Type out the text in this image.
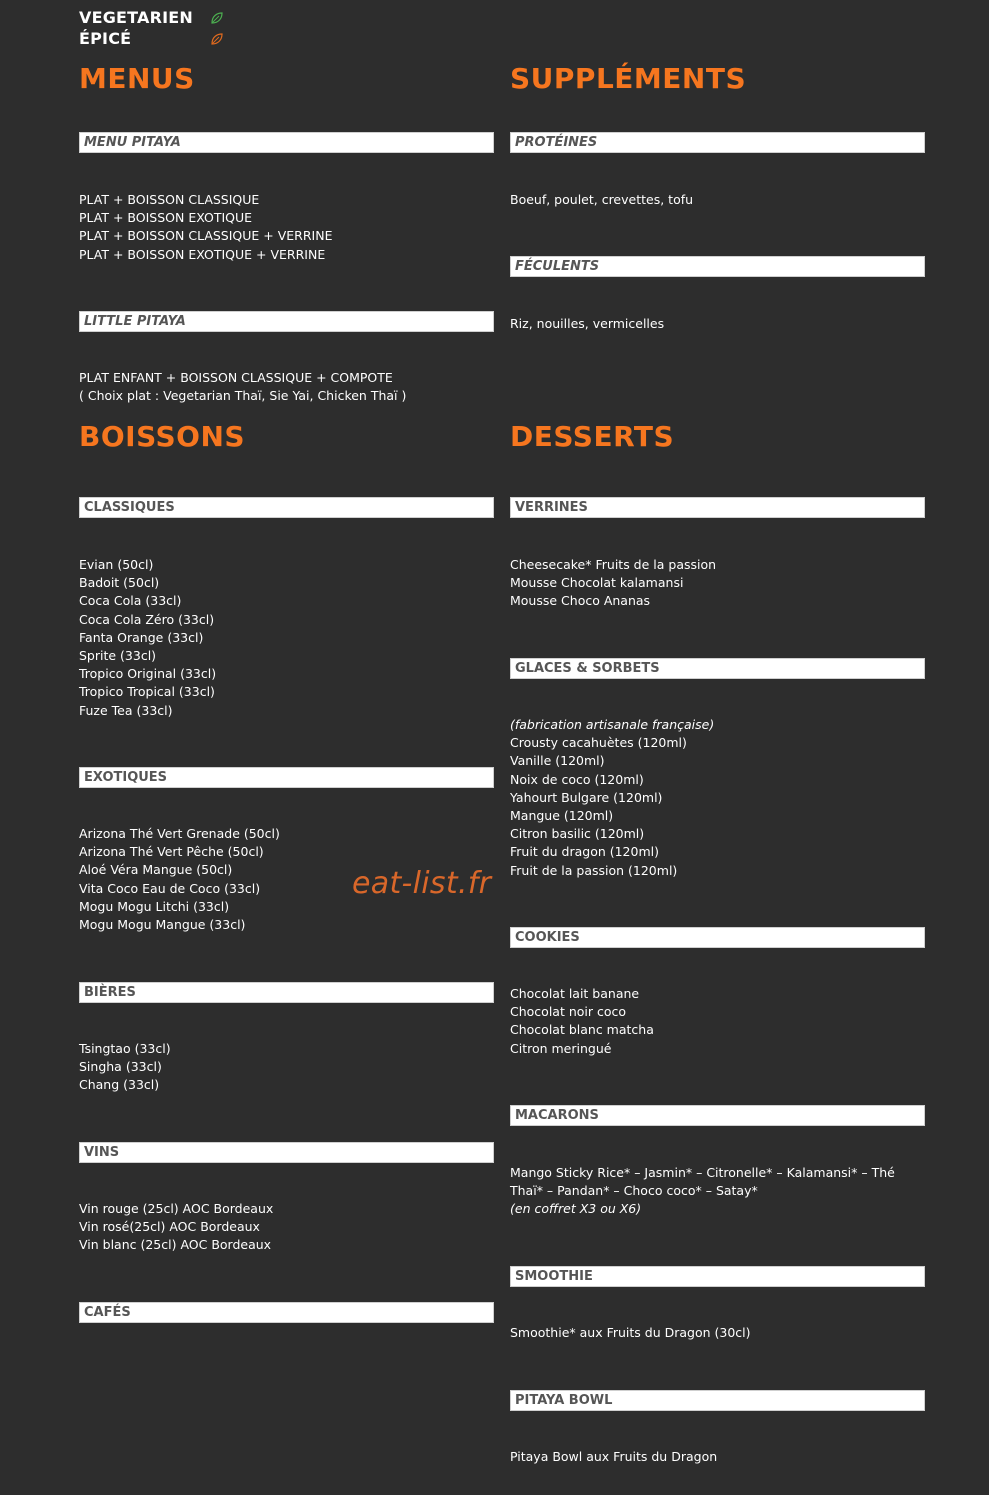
VEGETARIEN
ÉPICÉ
MENUS
MENU PITAYA
PLAT + BOISSON CLASSIQUE
PLAT + BOISSON EXOTIQUE
PLAT + BOISSON CLASSIQUE + VERRINE
PLAT + BOISSON EXOTIQUE + VERRINE
LITTLE PITAYA
PLAT ENFANT + BOISSON CLASSIQUE + COMPOTE
( Choix plat : Vegetarian Thaï, Sie Yai, Chicken Thaï )
SUPPLÉMENTS
PROTÉINES
Boeuf, poulet, crevettes, tofu
FÉCULENTS
Riz, nouilles, vermicelles
BOISSONS
CLASSIQUES
Evian (50cl)
Badoit (50cl)
Coca Cola (33cl)
Coca Cola Zéro (33cl)
Fanta Orange (33cl)
Sprite (33cl)
Tropico Original (33cl)
Tropico Tropical (33cl)
Fuze Tea (33cl)
EXOTIQUES
Arizona Thé Vert Grenade (50cl)
Arizona Thé Vert Pêche (50cl)
Aloé Véra Mangue (50cl)
Vita Coco Eau de Coco (33cl)
Mogu Mogu Litchi (33cl)
Mogu Mogu Mangue (33cl)
BIÈRES
Tsingtao (33cl)
Singha (33cl)
Chang (33cl)
VINS
Vin rouge (25cl) AOC Bordeaux
Vin rosé(25cl) AOC Bordeaux
Vin blanc (25cl) AOC Bordeaux
CAFÉS
DESSERTS
VERRINES
Cheesecake* Fruits de la passion
Mousse Chocolat kalamansi
Mousse Choco Ananas
GLACES & SORBETS
(fabrication artisanale française)
Crousty cacahuètes (120ml)
Vanille (120ml)
Noix de coco (120ml)
Yahourt Bulgare (120ml)
Mangue (120ml)
Citron basilic (120ml)
Fruit du dragon (120ml)
Fruit de la passion (120ml)
COOKIES
Chocolat lait banane
Chocolat noir coco
Chocolat blanc matcha
Citron meringué
MACARONS
Mango Sticky Rice* – Jasmin* – Citronelle* – Kalamansi* – Thé Thaï* – Pandan* – Choco coco* – Satay*
(en coffret X3 ou X6)
SMOOTHIE
Smoothie* aux Fruits du Dragon (30cl)
PITAYA BOWL
Pitaya Bowl aux Fruits du Dragon

eat-list.fr
